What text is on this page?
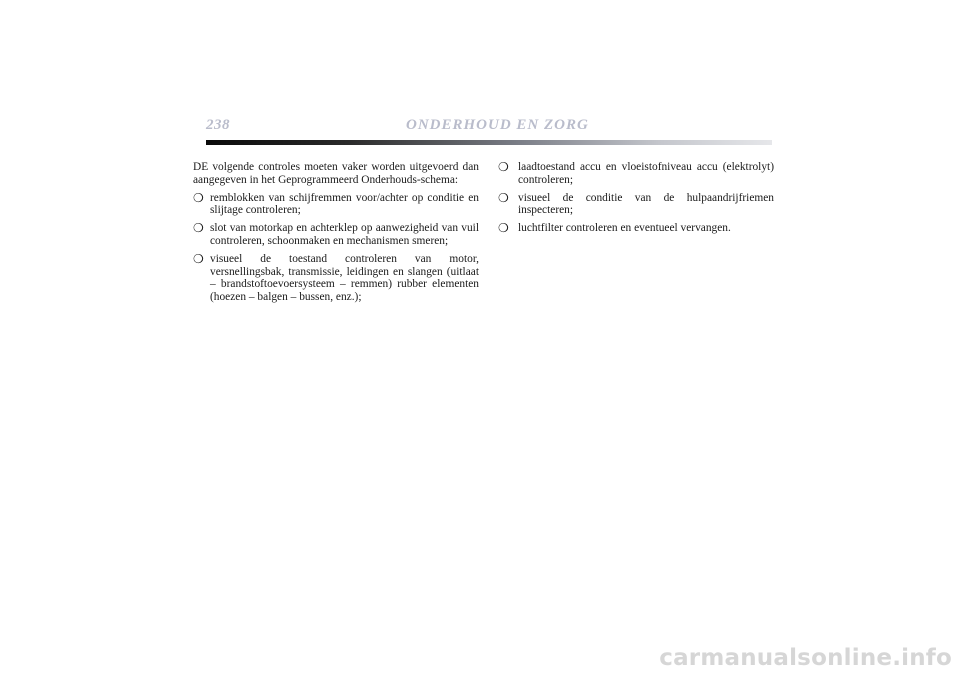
238	ONDERHOUD EN ZORG

DE volgende controles moeten vaker worden uitgevoerd dan aangegeven in het Geprogrammeerd Onderhouds-schema:

❍ remblokken van schijfremmen voor/achter op conditie en slijtage controleren;
❍ slot van motorkap en achterklep op aanwezigheid van vuil controleren, schoonmaken en mechanismen smeren;
❍ visueel de toestand controleren van motor, versnellingsbak, transmissie, leidingen en slangen (uitlaat – brandstoftoevoersysteem – remmen) rubber elementen (hoezen – balgen – bussen, enz.);
❍ laadtoestand accu en vloeistofniveau accu (elektrolyt) controleren;
❍ visueel de conditie van de hulpaandrijfriemen inspecteren;
❍ luchtfilter controleren en eventueel vervangen.
carmanualsonline.info
